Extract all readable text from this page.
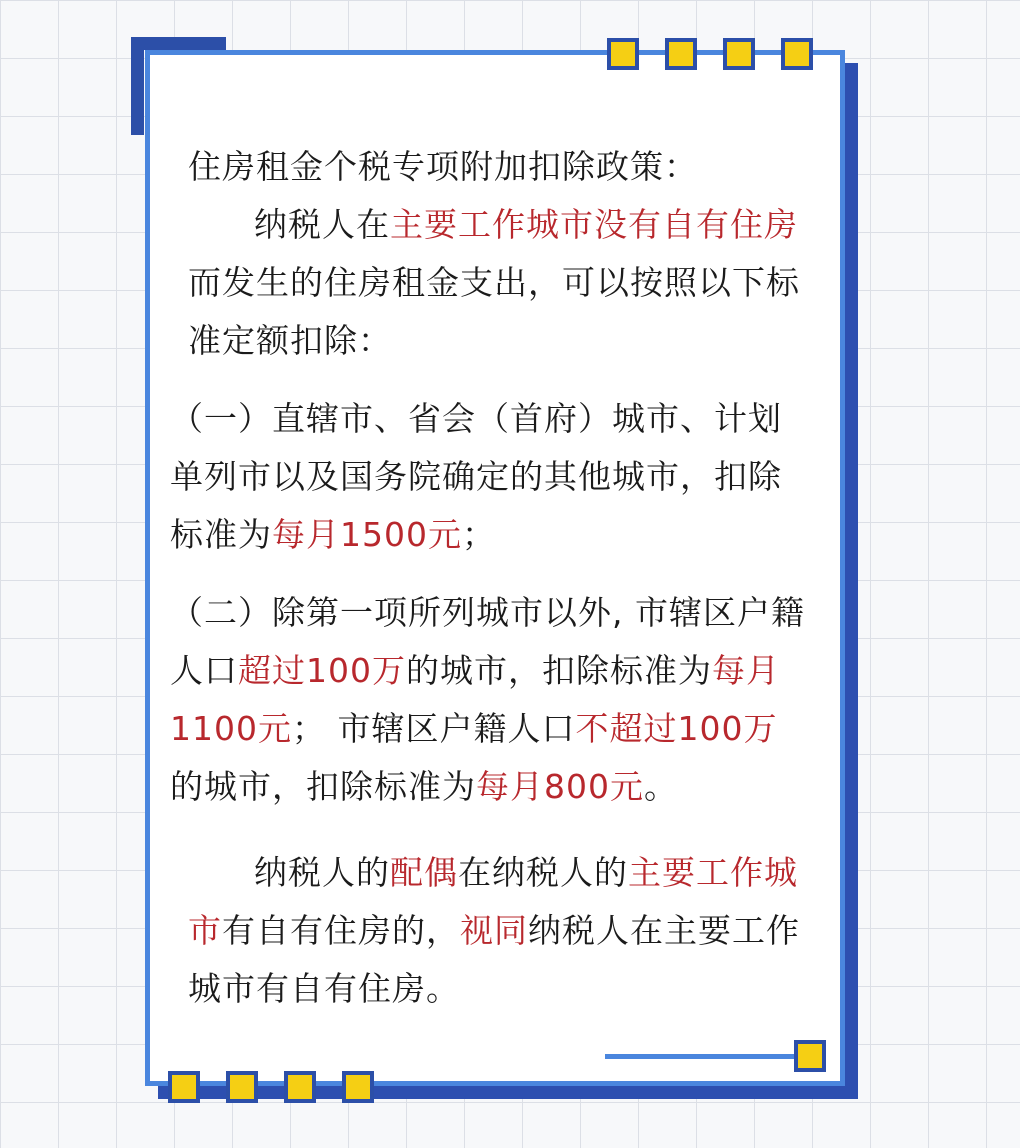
住房租金个税专项附加扣除政策：

纳税人在主要工作城市没有自有住房而发生的住房租金支出，可以按照以下标准定额扣除：

（一）直辖市、省会（首府）城市、计划单列市以及国务院确定的其他城市，扣除标准为每月1500元；

（二）除第一项所列城市以外, 市辖区户籍人口超过100万的城市，扣除标准为每月1100元； 市辖区户籍人口不超过100万的城市，扣除标准为每月800元。

纳税人的配偶在纳税人的主要工作城市有自有住房的，视同纳税人在主要工作城市有自有住房。
